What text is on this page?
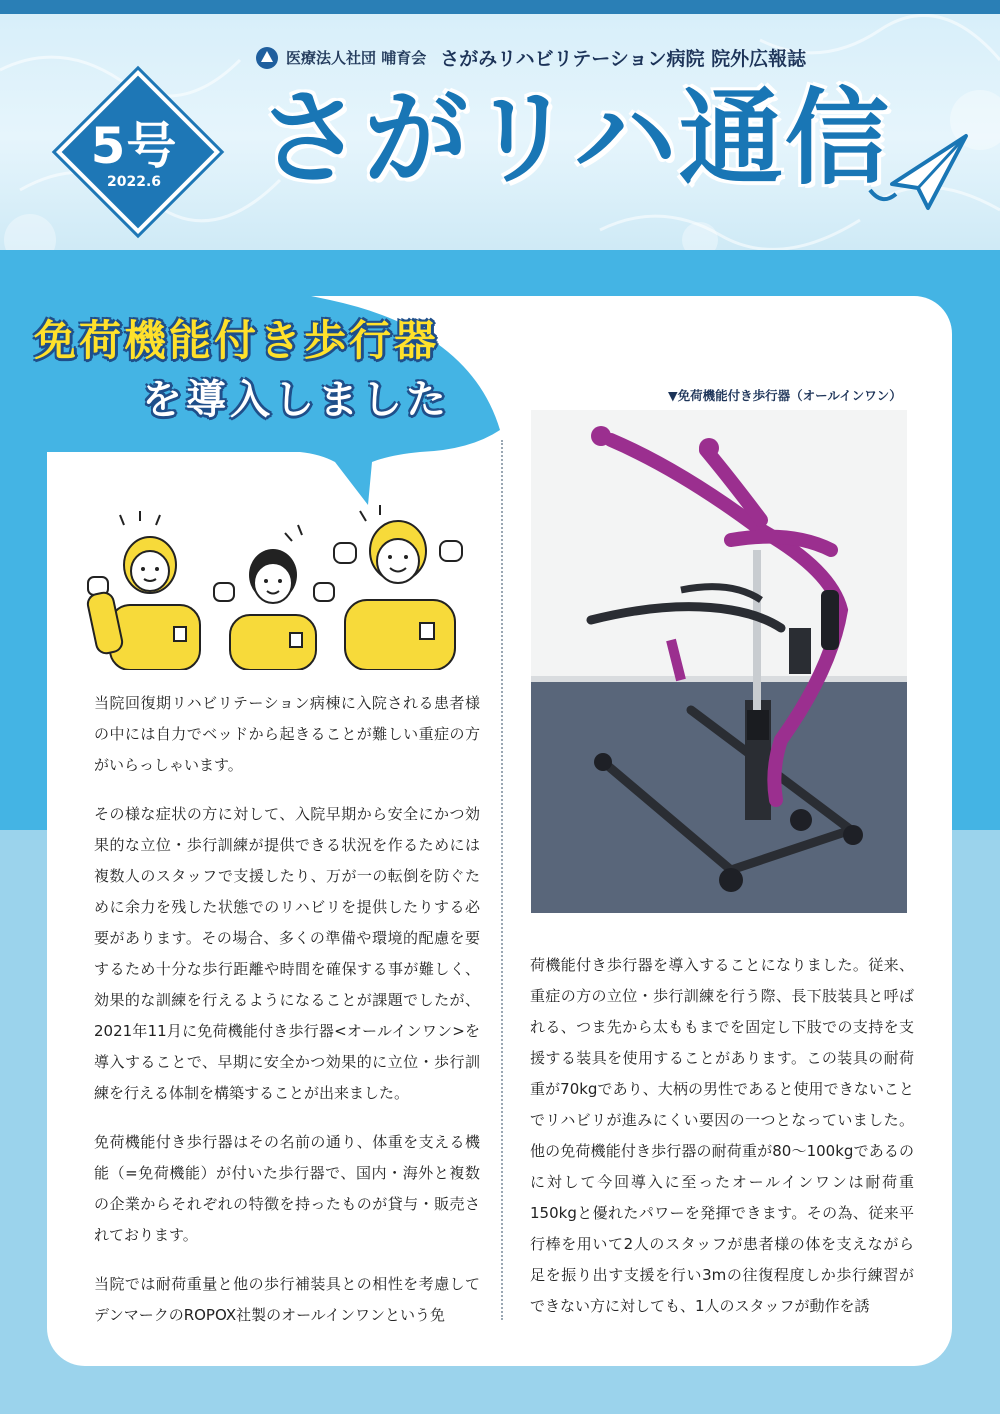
医療法人社団 哺育会 さがみリハビリテーション病院 院外広報誌
5号
2022.6 さがリハ通信
免荷機能付き歩行器
を導入しました

当院回復期リハビリテーション病棟に入院される患者様の中には自力でベッドから起きることが難しい重症の方がいらっしゃいます。

その様な症状の方に対して、入院早期から安全にかつ効果的な立位・歩行訓練が提供できる状況を作るためには複数人のスタッフで支援したり、万が一の転倒を防ぐために余力を残した状態でのリハビリを提供したりする必要があります。その場合、多くの準備や環境的配慮を要するため十分な歩行距離や時間を確保する事が難しく、効果的な訓練を行えるようになることが課題でしたが、2021年11月に免荷機能付き歩行器<オールインワン>を導入することで、早期に安全かつ効果的に立位・歩行訓練を行える体制を構築することが出来ました。

免荷機能付き歩行器はその名前の通り、体重を支える機能（=免荷機能）が付いた歩行器で、国内・海外と複数の企業からそれぞれの特徴を持ったものが貸与・販売されております。

当院では耐荷重量と他の歩行補装具との相性を考慮してデンマークのROPOX社製のオールインワンという免

▼免荷機能付き歩行器（オールインワン）

荷機能付き歩行器を導入することになりました。従来、重症の方の立位・歩行訓練を行う際、長下肢装具と呼ばれる、つま先から太ももまでを固定し下肢での支持を支援する装具を使用することがあります。この装具の耐荷重が70kgであり、大柄の男性であると使用できないことでリハビリが進みにくい要因の一つとなっていました。他の免荷機能付き歩行器の耐荷重が80〜100kgであるのに対して今回導入に至ったオールインワンは耐荷重150kgと優れたパワーを発揮できます。その為、従来平行棒を用いて2人のスタッフが患者様の体を支えながら足を振り出す支援を行い3mの往復程度しか歩行練習ができない方に対しても、1人のスタッフが動作を誘
